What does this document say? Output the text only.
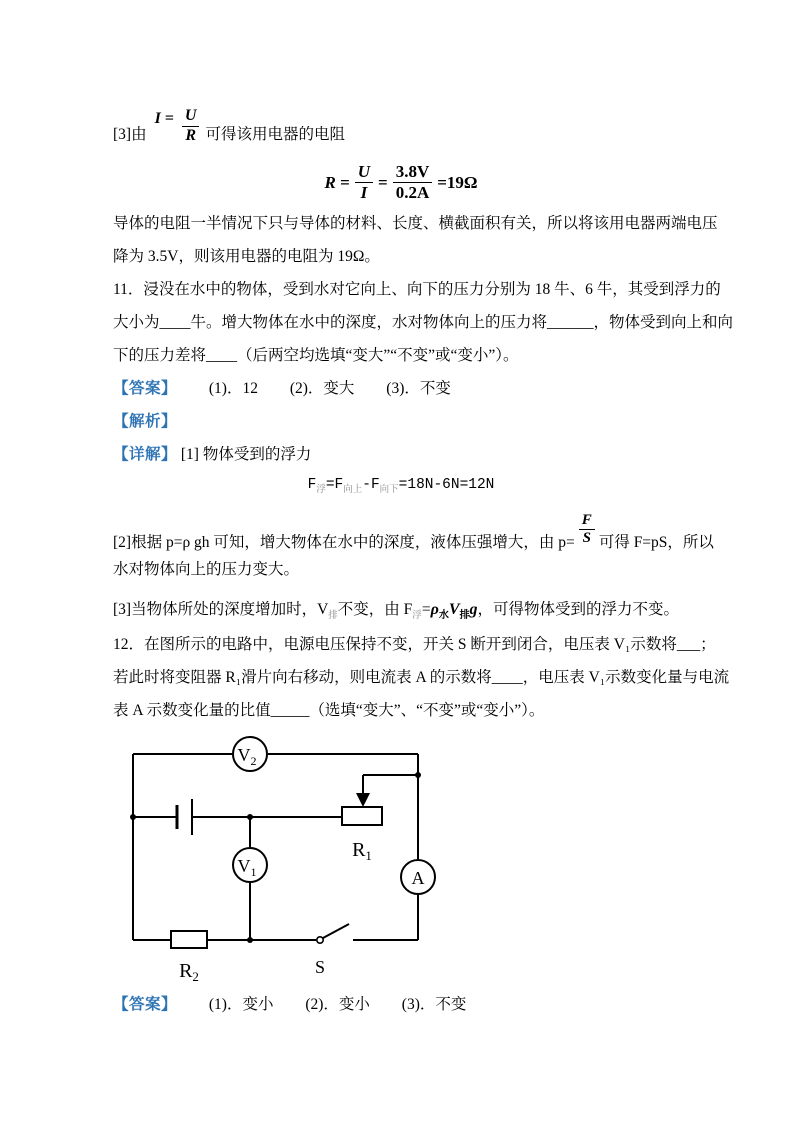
[3]由
$I = \frac{U}{R}$ 可得该用电器的电阻
$R = \frac{U}{I} = \frac{3.8V}{0.2A} =19\Omega$
导体的电阻一半情况下只与导体的材料、长度、横截面积有关，所以将该用电器两端电压
降为 3.5V，则该用电器的电阻为 19Ω。
11．浸没在水中的物体，受到水对它向上、向下的压力分别为 18 牛、6 牛，其受到浮力的
大小为____牛。增大物体在水中的深度，水对物体向上的压力将______，物体受到向上和向
下的压力差将____（后两空均选填“变大”“不变”或“变小”）。
【答案】 (1)．12 (2)．变大 (3)．不变
【解析】
【详解】 [1] 物体受到的浮力
$F_浮=F_{向上}-F_{向下}=18N-6N=12N$
[2]根据 p=ρ gh 可知，增大物体在水中的深度，液体压强增大，由 $p= \frac{F}{S}$ 可得 F=pS，所以
水对物体向上的压力变大。
[3]当物体所处的深度增加时，$V_排$不变，由 $F_浮=\rho_水V_排g$，可得物体受到的浮力不变。
12．在图所示的电路中，电源电压保持不变，开关 S 断开到闭合，电压表 V₁示数将___；
若此时将变阻器 R₁滑片向右移动，则电流表 A 的示数将____，电压表 V₁示数变化量与电流
表 A 示数变化量的比值_____（选填“变大”、“不变”或“变小”）。
$V_2$
$V_1$	A
$R_1$
$R_2$	S
【答案】 (1)．变小 (2)．变小 (3)．不变
